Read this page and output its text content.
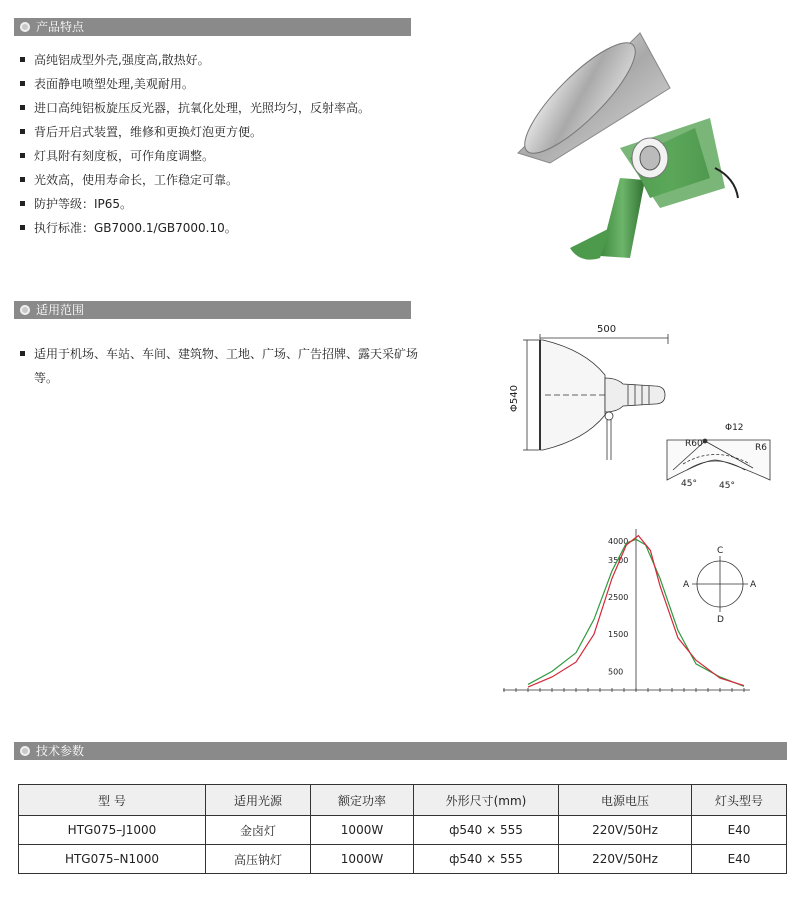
产品特点
高纯铝成型外壳,强度高,散热好。
表面静电喷塑处理,美观耐用。
进口高纯铝板旋压反光器，抗氧化处理，光照均匀，反射率高。
背后开启式装置，维修和更换灯泡更方便。
灯具附有刻度板，可作角度调整。
光效高，使用寿命长，工作稳定可靠。
防护等级：IP65。
执行标准：GB7000.1/GB7000.10。
适用范围
适用于机场、车站、车间、建筑物、工地、广场、广告招牌、露天采矿场等。
500
Φ540
Φ12
R60	R6
45° 45°
4000
3500
2500
1500
500
C
D
A	A
技术参数
型 号	适用光源	额定功率	外形尺寸(mm)	电源电压	灯头型号
HTG075–J1000	金卤灯	1000W	ф540 × 555	220V/50Hz	E40
HTG075–N1000	高压钠灯	1000W	ф540 × 555	220V/50Hz	E40
